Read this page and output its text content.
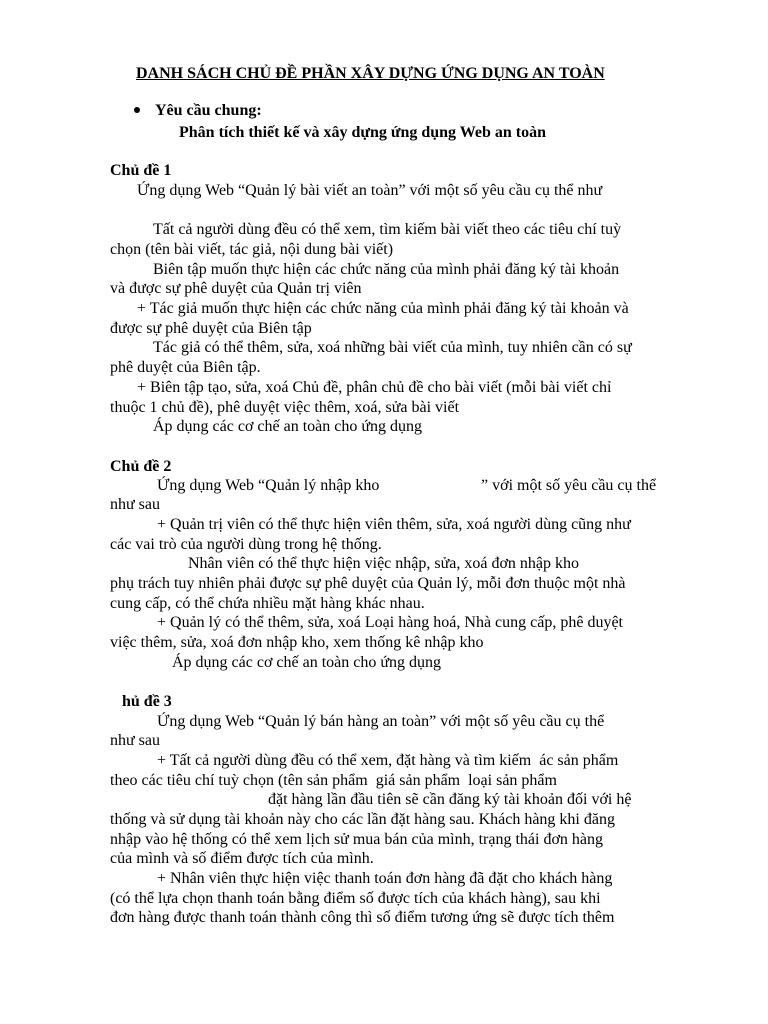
DANH SÁCH CHỦ ĐỀ PHẦN XÂY DỰNG ỨNG DỤNG AN TOÀN
Yêu cầu chung:
Phân tích thiết kế và xây dựng ứng dụng Web an toàn
Chủ đề 1
Ứng dụng Web “Quản lý bài viết an toàn” với một số yêu cầu cụ thể như
Tất cả người dùng đều có thể xem, tìm kiếm bài viết theo các tiêu chí tuỳ
chọn (tên bài viết, tác giả, nội dung bài viết)
Biên tập muốn thực hiện các chức năng của mình phải đăng ký tài khoản
và được sự phê duyệt của Quản trị viên
+ Tác giả muốn thực hiện các chức năng của mình phải đăng ký tài khoản và
được sự phê duyệt của Biên tập
Tác giả có thể thêm, sửa, xoá những bài viết của mình, tuy nhiên cần có sự
phê duyệt của Biên tập.
+ Biên tập tạo, sửa, xoá Chủ đề, phân chủ đề cho bài viết (mỗi bài viết chỉ
thuộc 1 chủ đề), phê duyệt việc thêm, xoá, sửa bài viết
Áp dụng các cơ chế an toàn cho ứng dụng
Chủ đề 2
Ứng dụng Web “Quản lý nhập kho	” với một số yêu cầu cụ thể
như sau
+ Quản trị viên có thể thực hiện viên thêm, sửa, xoá người dùng cũng như
các vai trò của người dùng trong hệ thống.
Nhân viên có thể thực hiện việc nhập, sửa, xoá đơn nhập kho
phụ trách tuy nhiên phải được sự phê duyệt của Quản lý, mỗi đơn thuộc một nhà
cung cấp, có thể chứa nhiều mặt hàng khác nhau.
+ Quản lý có thể thêm, sửa, xoá Loại hàng hoá, Nhà cung cấp, phê duyệt
việc thêm, sửa, xoá đơn nhập kho, xem thống kê nhập kho
Áp dụng các cơ chế an toàn cho ứng dụng
hủ đề 3
Ứng dụng Web “Quản lý bán hàng an toàn” với một số yêu cầu cụ thể
như sau
+ Tất cả người dùng đều có thể xem, đặt hàng và tìm kiếm  ác sản phẩm
theo các tiêu chí tuỳ chọn (tên sản phẩm  giá sản phẩm  loại sản phẩm
đặt hàng lần đầu tiên sẽ cần đăng ký tài khoản đối với hệ
thống và sử dụng tài khoản này cho các lần đặt hàng sau. Khách hàng khi đăng
nhập vào hệ thống có thể xem lịch sử mua bán của mình, trạng thái đơn hàng
của mình và số điểm được tích của mình.
+ Nhân viên thực hiện việc thanh toán đơn hàng đã đặt cho khách hàng
(có thể lựa chọn thanh toán bằng điểm số được tích của khách hàng), sau khi
đơn hàng được thanh toán thành công thì số điểm tương ứng sẽ được tích thêm
